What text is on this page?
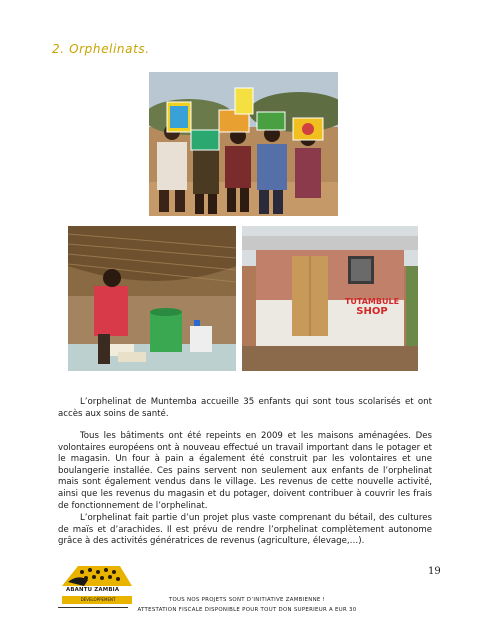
2. Orphelinats.
TUTAMBULE
SHOP

L’orphelinat de Muntemba accueille 35 enfants qui sont tous scolarisés et ont accès aux soins de santé.

Tous les bâtiments ont été repeints en 2009 et les maisons aménagées. Des volontaires européens ont à nouveau effectué un travail important dans le potager et le magasin. Un four à pain a également été construit par les volontaires et une boulangerie installée. Ces pains servent non seulement aux enfants de l’orphelinat mais sont également vendus dans le village. Les revenus de cette nouvelle activité, ainsi que les revenus du magasin et du potager, doivent contribuer à couvrir les frais de fonctionnement de l’orphelinat.

L’orphelinat fait partie d’un projet plus vaste comprenant du bétail, des cultures de maïs et d’arachides. Il est prévu de rendre l’orphelinat complètement autonome grâce à des activités génératrices de revenus (agriculture, élevage,…).

ABANTU ZAMBIA
DÉVELOPPEMENT
19
TOUS NOS PROJETS SONT D’INITIATIVE ZAMBIENNE !
ATTESTATION FISCALE DISPONIBLE POUR TOUT DON SUPERIEUR A EUR 30
